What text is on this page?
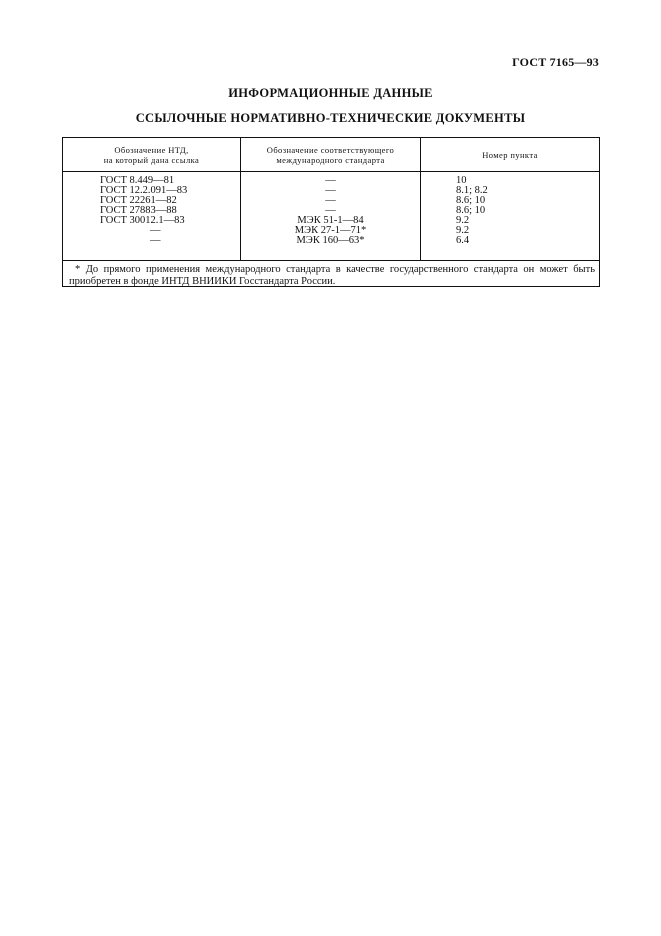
ГОСТ 7165—93
ИНФОРМАЦИОННЫЕ ДАННЫЕ
ССЫЛОЧНЫЕ НОРМАТИВНО-ТЕХНИЧЕСКИЕ ДОКУМЕНТЫ
Обозначение НТД,
на который дана ссылка
Обозначение соответствующего
международного стандарта	Номер пункта
ГОСТ 8.449—81
ГОСТ 12.2.091—83
ГОСТ 22261—82
ГОСТ 27883—88
ГОСТ 30012.1—83
—
—
—
—
—
—
МЭК 51-1—84
МЭК 27-1—71*
МЭК 160—63*
10
8.1; 8.2
8.6; 10
8.6; 10
9.2
9.2
6.4
* До прямого применения международного стандарта в качестве государственного стандарта он может быть приобретен в фонде ИНТД ВНИИКИ Госстандарта России.
